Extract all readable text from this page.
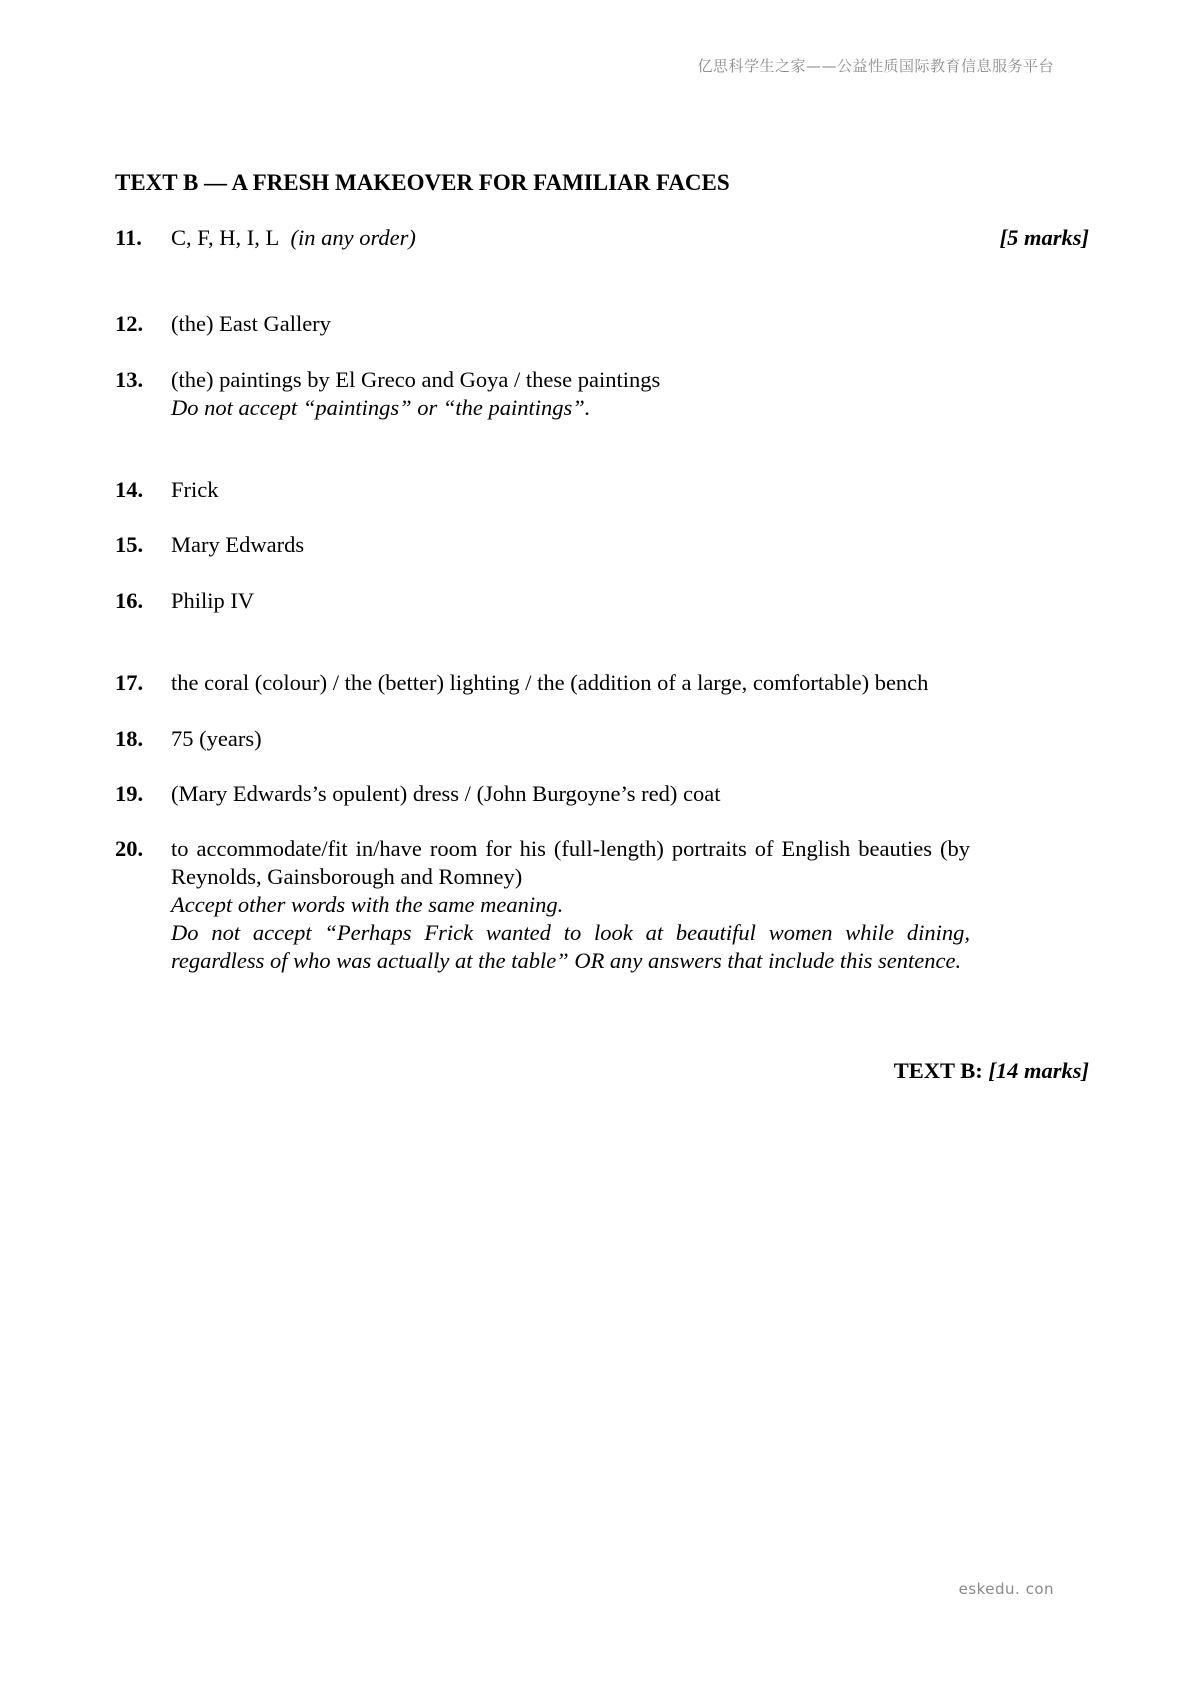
亿思科学生之家——公益性质国际教育信息服务平台
TEXT B — A FRESH MAKEOVER FOR FAMILIAR FACES
11. C, F, H, I, L (in any order)	[5 marks]
12. (the) East Gallery
13. (the) paintings by El Greco and Goya / these paintings
Do not accept “paintings” or “the paintings”.
14. Frick
15. Mary Edwards
16. Philip IV
17. the coral (colour) / the (better) lighting / the (addition of a large, comfortable) bench
18. 75 (years)
19. (Mary Edwards’s opulent) dress / (John Burgoyne’s red) coat
20. to accommodate/fit in/have room for his (full-length) portraits of English beauties (by Reynolds, Gainsborough and Romney)
Accept other words with the same meaning.
Do not accept “Perhaps Frick wanted to look at beautiful women while dining, regardless of who was actually at the table” OR any answers that include this sentence.
TEXT B: [14 marks]
eskedu. con
